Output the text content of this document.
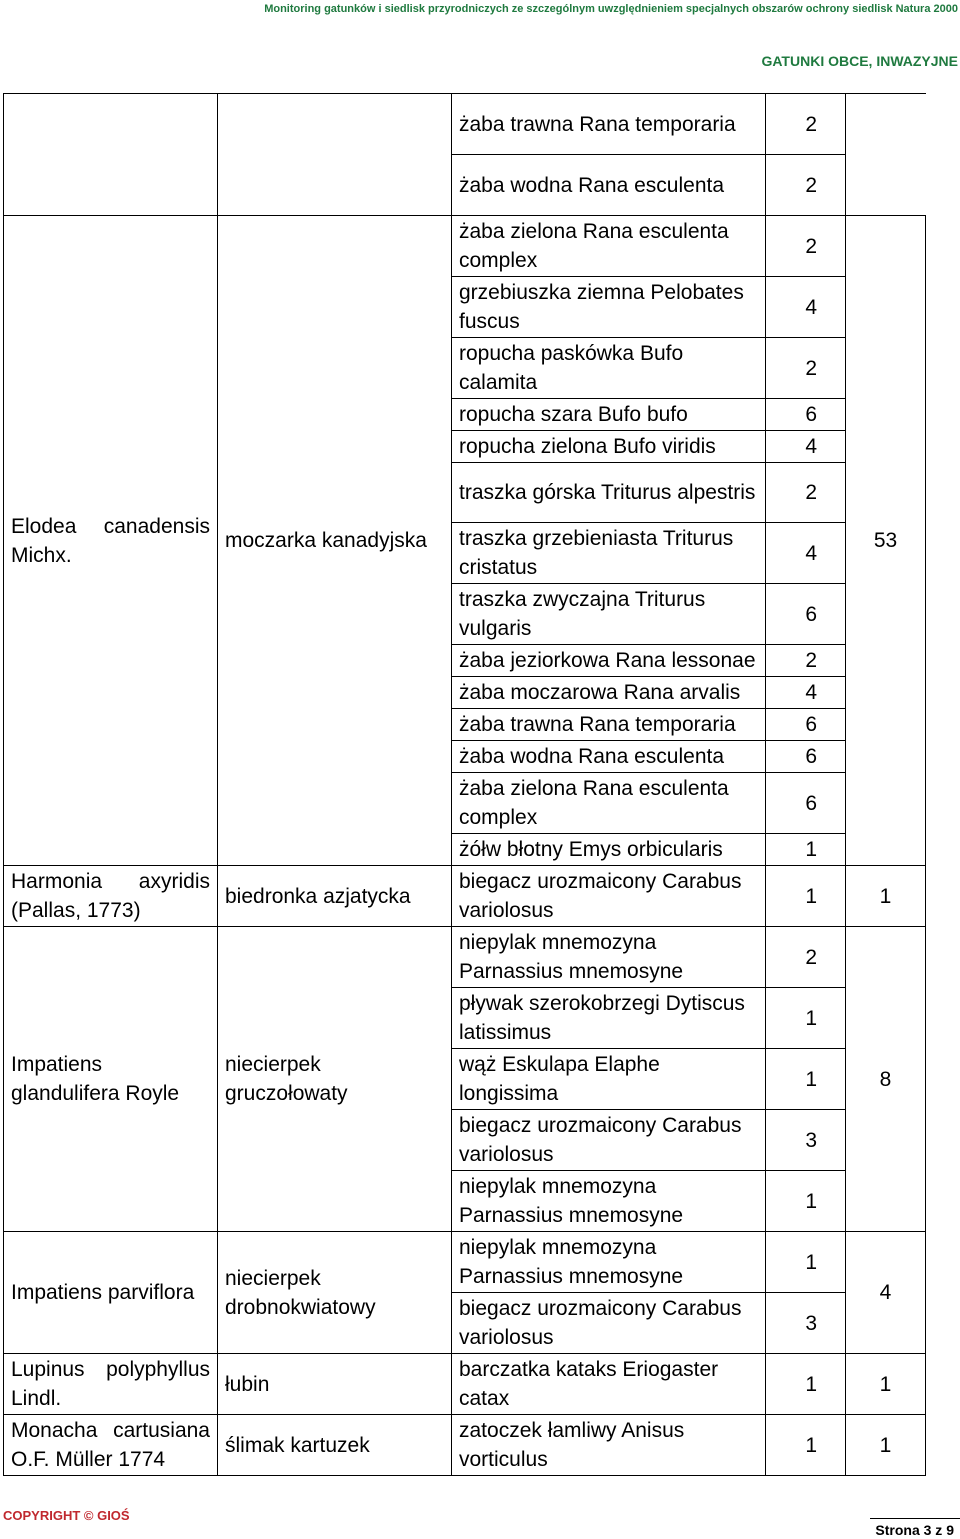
Monitoring gatunków i siedlisk przyrodniczych ze szczególnym uwzględnieniem specjalnych obszarów ochrony siedlisk Natura 2000
GATUNKI OBCE, INWAZYJNE
		żaba trawna Rana temporaria	2	
		żaba wodna Rana esculenta	2	
Elodea canadensis Michx.	moczarka kanadyjska	żaba zielona Rana esculenta complex	2	53
		grzebiuszka ziemna Pelobates fuscus	4	
		ropucha paskówka Bufo calamita	2	
		ropucha szara Bufo bufo	6	
		ropucha zielona Bufo viridis	4	
		traszka górska Triturus alpestris	2	
		traszka grzebieniasta Triturus cristatus	4	
		traszka zwyczajna Triturus vulgaris	6	
		żaba jeziorkowa Rana lessonae	2	
		żaba moczarowa Rana arvalis	4	
		żaba trawna Rana temporaria	6	
		żaba wodna Rana esculenta	6	
		żaba zielona Rana esculenta complex	6	
		żółw błotny Emys orbicularis	1	
Harmonia axyridis (Pallas, 1773)	biedronka azjatycka	biegacz urozmaicony Carabus variolosus	1	1
Impatiens glandulifera Royle	niecierpek gruczołowaty	niepylak mnemozyna Parnassius mnemosyne	2	8
		pływak szerokobrzegi Dytiscus latissimus	1	
		wąż Eskulapa Elaphe longissima	1	
		biegacz urozmaicony Carabus variolosus	3	
		niepylak mnemozyna Parnassius mnemosyne	1	
Impatiens parviflora	niecierpek drobnokwiatowy	niepylak mnemozyna Parnassius mnemosyne	1	4
		biegacz urozmaicony Carabus variolosus	3	
Lupinus polyphyllus Lindl.	łubin	barczatka kataks Eriogaster catax	1	1
Monacha cartusiana O.F. Müller 1774	ślimak kartuzek	zatoczek łamliwy Anisus vorticulus	1	1
COPYRIGHT © GIOŚ
Strona 3 z 9
